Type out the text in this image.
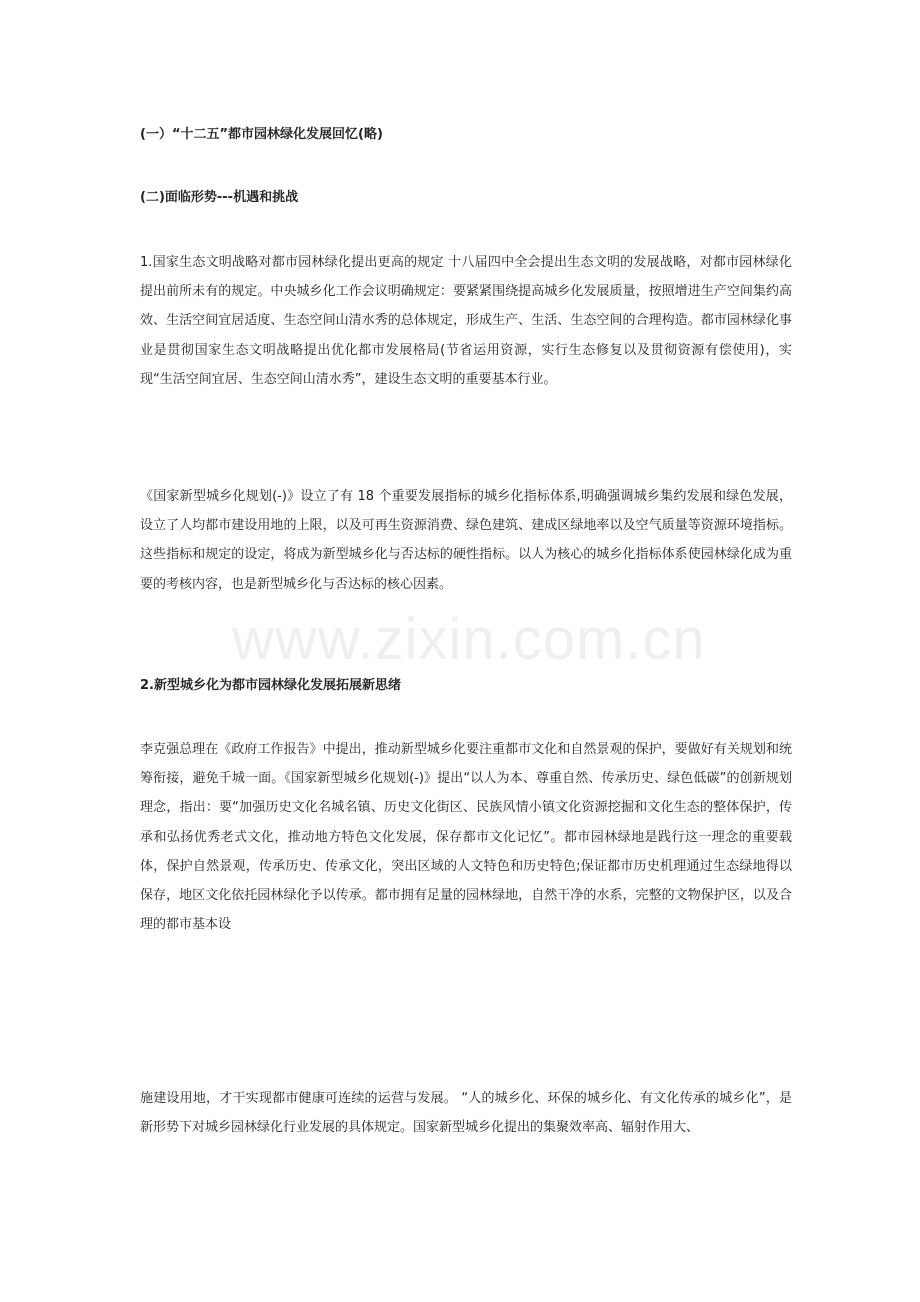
www.zixin.com.cn
(一）“十二五”都市园林绿化发展回忆(略)
(二)面临形势---机遇和挑战

1.国家生态文明战略对都市园林绿化提出更高的规定 十八届四中全会提出生态文明的发展战略，对都市园林绿化提出前所未有的规定。中央城乡化工作会议明确规定：要紧紧围绕提高城乡化发展质量，按照增进生产空间集约高效、生活空间宜居适度、生态空间山清水秀的总体规定，形成生产、生活、生态空间的合理构造。都市园林绿化事业是贯彻国家生态文明战略提出优化都市发展格局(节省运用资源，实行生态修复以及贯彻资源有偿使用)，实现“生活空间宜居、生态空间山清水秀”，建设生态文明的重要基本行业。

《国家新型城乡化规划(-)》设立了有 18 个重要发展指标的城乡化指标体系,明确强调城乡集约发展和绿色发展，设立了人均都市建设用地的上限，以及可再生资源消费、绿色建筑、建成区绿地率以及空气质量等资源环境指标。这些指标和规定的设定，将成为新型城乡化与否达标的硬性指标。以人为核心的城乡化指标体系使园林绿化成为重要的考核内容，也是新型城乡化与否达标的核心因素。

2.新型城乡化为都市园林绿化发展拓展新思绪

李克强总理在《政府工作报告》中提出，推动新型城乡化要注重都市文化和自然景观的保护，要做好有关规划和统筹衔接，避免千城一面。《国家新型城乡化规划(-)》提出“以人为本、尊重自然、传承历史、绿色低碳”的创新规划理念，指出：要“加强历史文化名城名镇、历史文化街区、民族风情小镇文化资源挖掘和文化生态的整体保护，传承和弘扬优秀老式文化，推动地方特色文化发展，保存都市文化记忆”。都市园林绿地是践行这一理念的重要载体，保护自然景观，传承历史、传承文化，突出区域的人文特色和历史特色;保证都市历史机理通过生态绿地得以保存，地区文化依托园林绿化予以传承。都市拥有足量的园林绿地，自然干净的水系，完整的文物保护区，以及合理的都市基本设

施建设用地，才干实现都市健康可连续的运营与发展。 “人的城乡化、环保的城乡化、有文化传承的城乡化”，是新形势下对城乡园林绿化行业发展的具体规定。国家新型城乡化提出的集聚效率高、辐射作用大、
